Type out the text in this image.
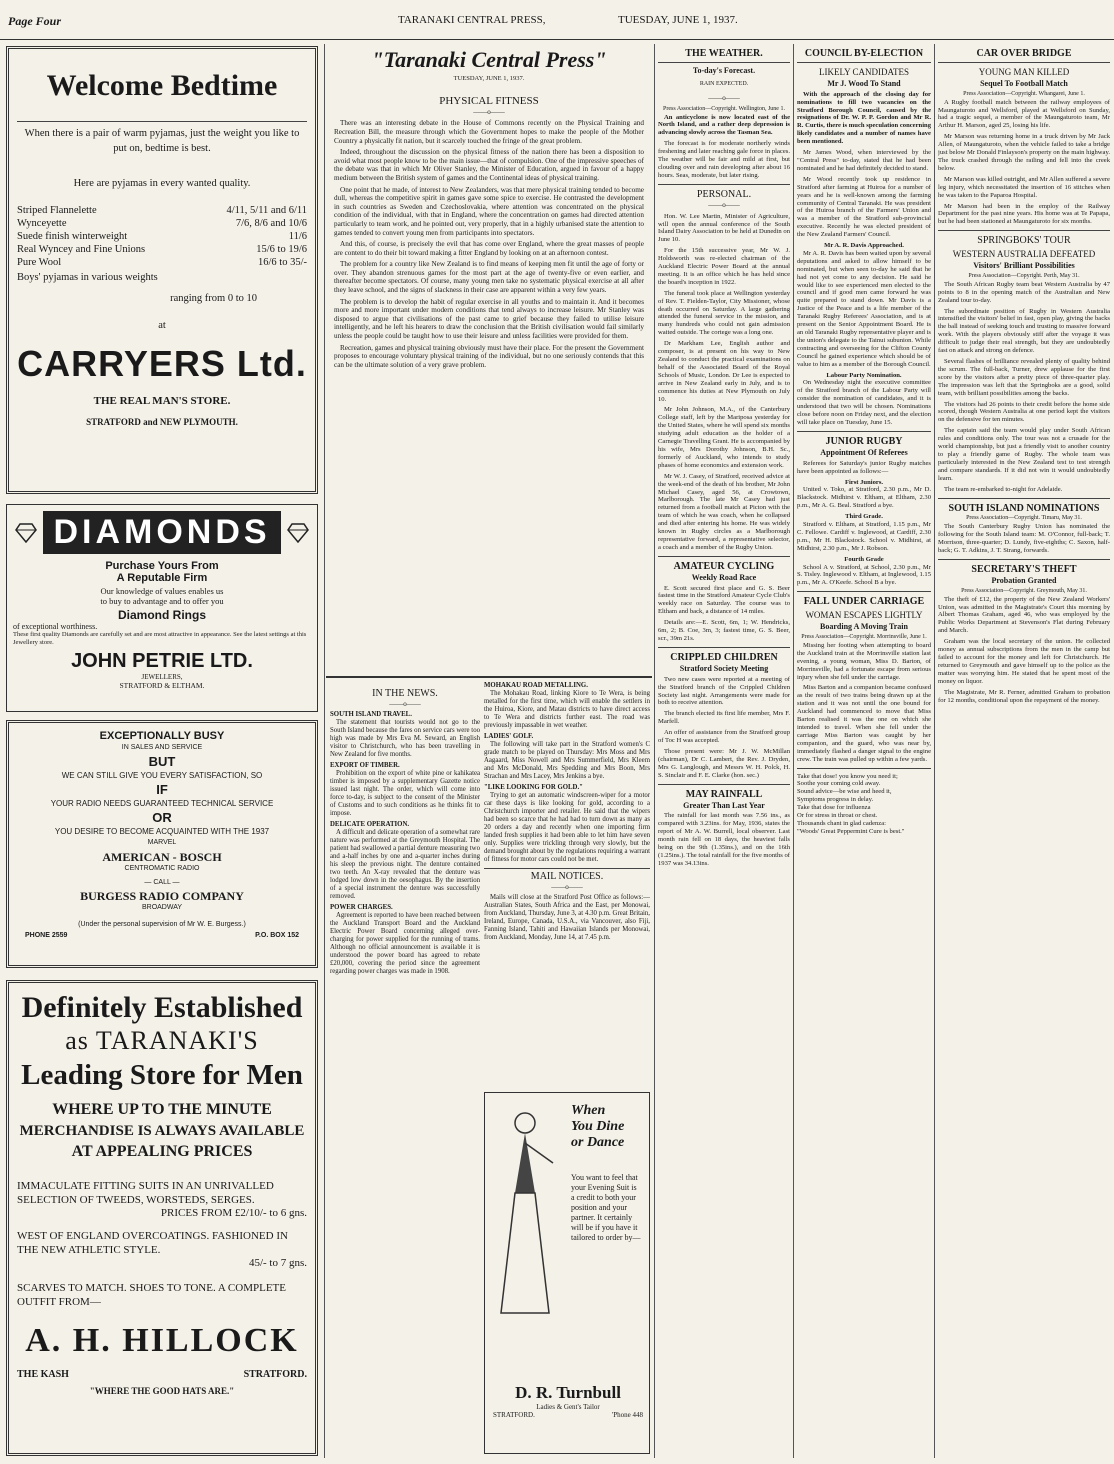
Page Four	TARANAKI CENTRAL PRESS,	TUESDAY, JUNE 1, 1937.
Welcome Bedtime
When there is a pair of warm pyjamas, just the weight you like to put on, bedtime is best.
Here are pyjamas in every wanted quality.
Striped Flannelette	4/11, 5/11 and 6/11
Wynceyette	7/6, 8/6 and 10/6
Suede finish winterweight	11/6
Real Wyncey and Fine Unions	15/6 to 19/6
Pure Wool	16/6 to 35/-
Boys' pyjamas in various weights
ranging from 0 to 10
at
CARRYERS Ltd.
THE REAL MAN'S STORE.
STRATFORD and NEW PLYMOUTH.
DIAMONDS
Purchase Yours From
A Reputable Firm
Our knowledge of values enables us
to buy to advantage and to offer you
Diamond Rings
of exceptional worthiness.
These first quality Diamonds are carefully set and are most attractive in appearance. See the latest settings at this Jewellery store.
JOHN PETRIE LTD.
JEWELLERS,
STRATFORD & ELTHAM.
EXCEPTIONALLY BUSY
IN SALES AND SERVICE
BUT
WE CAN STILL GIVE YOU EVERY SATISFACTION, SO
IF
YOUR RADIO NEEDS GUARANTEED TECHNICAL SERVICE
OR
YOU DESIRE TO BECOME ACQUAINTED WITH THE 1937
MARVEL
AMERICAN - BOSCH
CENTROMATIC RADIO
— CALL —
BURGESS RADIO COMPANY
BROADWAY
(Under the personal supervision of Mr W. E. Burgess.)
PHONE 2559	P.O. BOX 152
Definitely Established
as TARANAKI'S
Leading Store for Men
WHERE UP TO THE MINUTE
MERCHANDISE IS ALWAYS AVAILABLE
AT APPEALING PRICES
IMMACULATE FITTING SUITS IN AN UNRIVALLED SELECTION OF TWEEDS, WORSTEDS, SERGES.
PRICES FROM £2/10/- to 6 gns.
WEST OF ENGLAND OVERCOATINGS. FASHIONED IN THE NEW ATHLETIC STYLE.
45/- to 7 gns.
SCARVES TO MATCH. SHOES TO TONE. A COMPLETE OUTFIT FROM—
A. H. HILLOCK
THE KASH	STRATFORD.
"WHERE THE GOOD HATS ARE."
"Taranaki Central Press"
TUESDAY, JUNE 1, 1937.
PHYSICAL FITNESS
——o——

There was an interesting debate in the House of Commons recently on the Physical Training and Recreation Bill, the measure through which the Government hopes to make the people of the Mother Country a physically fit nation, but it scarcely touched the fringe of the great problem.

Indeed, throughout the discussion on the physical fitness of the nation there has been a disposition to avoid what most people know to be the main issue—that of compulsion. One of the impressive speeches of the debate was that in which Mr Oliver Stanley, the Minister of Education, argued in favour of a happy medium between the British system of games and the Continental ideas of physical training.

One point that he made, of interest to New Zealanders, was that mere physical training tended to become dull, whereas the competitive spirit in games gave some spice to exercise. He contrasted the development in such countries as Sweden and Czechoslovakia, where attention was concentrated on the physical condition of the individual, with that in England, where the concentration on games had directed attention particularly to team work, and he pointed out, very properly, that in a highly urbanised state the attention to games tended to convert young men from participants into spectators.

And this, of course, is precisely the evil that has come over England, where the great masses of people are content to do their bit toward making a fitter England by looking on at an afternoon contest.

The problem for a country like New Zealand is to find means of keeping men fit until the age of forty or over. They abandon strenuous games for the most part at the age of twenty-five or even earlier, and thereafter become spectators. Of course, many young men take no systematic physical exercise at all after they leave school, and the signs of slackness in their case are apparent within a very few years.

The problem is to develop the habit of regular exercise in all youths and to maintain it. And it becomes more and more important under modern conditions that tend always to increase leisure. Mr Stanley was disposed to argue that civilisations of the past came to grief because they failed to utilise leisure intelligently, and he left his hearers to draw the conclusion that the British civilisation would fail similarly unless the people could be taught how to use their leisure and unless facilities were provided for them.

Recreation, games and physical training obviously must have their place. For the present the Government proposes to encourage voluntary physical training of the individual, but no one seriously contends that this can be the ultimate solution of a very grave problem.

IN THE NEWS.
——o——
SOUTH ISLAND TRAVEL.

The statement that tourists would not go to the South Island because the fares on service cars were too high was made by Mrs Eva M. Seward, an English visitor to Christchurch, who has been travelling in New Zealand for five months.

EXPORT OF TIMBER.

Prohibition on the export of white pine or kahikatea timber is imposed by a supplementary Gazette notice issued last night. The order, which will come into force to-day, is subject to the consent of the Minister of Customs and to such conditions as he thinks fit to impose.

DELICATE OPERATION.

A difficult and delicate operation of a somewhat rare nature was performed at the Greymouth Hospital. The patient had swallowed a partial denture measuring two and a-half inches by one and a-quarter inches during his sleep the previous night. The denture contained two teeth. An X-ray revealed that the denture was lodged low down in the oesophagus. By the insertion of a special instrument the denture was successfully removed.

POWER CHARGES.

Agreement is reported to have been reached between the Auckland Transport Board and the Auckland Electric Power Board concerning alleged over-charging for power supplied for the running of trams. Although no official announcement is available it is understood the power board has agreed to rebate £20,000, covering the period since the agreement regarding power charges was made in 1908.

MOHAKAU ROAD METALLING.

The Mohakau Road, linking Kiore to Te Wera, is being metalled for the first time, which will enable the settlers in the Huiroa, Kiore, and Matau districts to have direct access to Te Wera and districts further east. The road was previously impassable in wet weather.

LADIES' GOLF.

The following will take part in the Stratford women's C grade match to be played on Thursday: Mrs Moss and Mrs Aagaard, Miss Nowell and Mrs Summerfield, Mrs Kleem and Mrs McDonald, Mrs Spedding and Mrs Boon, Mrs Strachan and Mrs Lacey, Mrs Jenkins a bye.

"LIKE LOOKING FOR GOLD."

Trying to get an automatic windscreen-wiper for a motor car these days is like looking for gold, according to a Christchurch importer and retailer. He said that the wipers had been so scarce that he had had to turn down as many as 20 orders a day and recently when one importing firm landed fresh supplies it had been able to let him have seven only. Supplies were trickling through very slowly, but the demand brought about by the regulations requiring a warrant of fitness for motor cars could not be met.

MAIL NOTICES.
——o——

Mails will close at the Stratford Post Office as follows:— Australian States, South Africa and the East, per Monowai, from Auckland, Thursday, June 3, at 4.30 p.m. Great Britain, Ireland, Europe, Canada, U.S.A., via Vancouver, also Fiji, Fanning Island, Tahiti and Hawaiian Islands per Monowai, from Auckland, Monday, June 14, at 7.45 p.m.

When
You Dine
or Dance
You want to feel that your Evening Suit is a credit to both your position and your partner. It certainly will be if you have it tailored to order by—
D. R. Turnbull
Ladies & Gent's Tailor
STRATFORD.	'Phone 448
THE WEATHER.
To-day's Forecast.
RAIN EXPECTED.
——o——
Press Association—Copyright. Wellington, June 1.

An anticyclone is now located east of the North Island, and a rather deep depression is advancing slowly across the Tasman Sea.

The forecast is for moderate northerly winds freshening and later reaching gale force in places. The weather will be fair and mild at first, but clouding over and rain developing after about 16 hours. Seas, moderate, but later rising.

PERSONAL.
——o——

Hon. W. Lee Martin, Minister of Agriculture, will open the annual conference of the South Island Dairy Association to be held at Dunedin on June 10.

For the 15th successive year, Mr W. J. Holdsworth was re-elected chairman of the Auckland Electric Power Board at the annual meeting. It is an office which he has held since the board's inception in 1922.

The funeral took place at Wellington yesterday of Rev. T. Fielden-Taylor, City Missioner, whose death occurred on Saturday. A large gathering attended the funeral service in the mission, and many hundreds who could not gain admission waited outside. The cortege was a long one.

Dr Markham Lee, English author and composer, is at present on his way to New Zealand to conduct the practical examinations on behalf of the Associated Board of the Royal Schools of Music, London. Dr Lee is expected to arrive in New Zealand early in July, and is to commence his duties at New Plymouth on July 10.

Mr John Johnson, M.A., of the Canterbury College staff, left by the Mariposa yesterday for the United States, where he will spend six months studying adult education as the holder of a Carnegie Travelling Grant. He is accompanied by his wife, Mrs Dorothy Johnson, B.H. Sc., formerly of Auckland, who intends to study phases of home economics and extension work.

Mr W. J. Casey, of Stratford, received advice at the week-end of the death of his brother, Mr John Michael Casey, aged 56, at Crowtown, Marlborough. The late Mr Casey had just returned from a football match at Picton with the team of which he was coach, when he collapsed and died after entering his home. He was widely known in Rugby circles as a Marlborough representative forward, a representative selector, a coach and a member of the Rugby Union.

AMATEUR CYCLING
Weekly Road Race

E. Scott secured first place and G. S. Beer fastest time in the Stratford Amateur Cycle Club's weekly race on Saturday. The course was to Eltham and back, a distance of 14 miles.

Details are:—E. Scott, 6m, 1; W. Hendricks, 6m, 2; B. Coe, 3m, 3; fastest time, G. S. Beer, scr., 39m 21s.

CRIPPLED CHILDREN
Stratford Society Meeting

Two new cases were reported at a meeting of the Stratford branch of the Crippled Children Society last night. Arrangements were made for both to receive attention.

The branch elected its first life member, Mrs F. Marfell.

An offer of assistance from the Stratford group of Toc H was accepted.

Those present were: Mr J. W. McMillan (chairman), Dr C. Lambert, the Rev. J. Dryden, Mrs G. Langlough, and Messrs W. H. Polck, H. S. Sinclair and F. E. Clarke (hon. sec.)

MAY RAINFALL
Greater Than Last Year

The rainfall for last month was 7.56 ins., as compared with 3.23ins. for May, 1936, states the report of Mr A. W. Burrell, local observer. Last month rain fell on 18 days, the heaviest falls being on the 9th (1.35ins.), and on the 16th (1.25ins.). The total rainfall for the five months of 1937 was 34.13ins.

COUNCIL BY-ELECTION
LIKELY CANDIDATES
Mr J. Wood To Stand

With the approach of the closing day for nominations to fill two vacancies on the Stratford Borough Council, caused by the resignations of Dr. W. P. P. Gordon and Mr R. R. Curtis, there is much speculation concerning likely candidates and a number of names have been mentioned.

Mr James Wood, when interviewed by the "Central Press" to-day, stated that he had been nominated and he had definitely decided to stand.

Mr Wood recently took up residence in Stratford after farming at Huiroa for a number of years and he is well-known among the farming community of Central Taranaki. He was president of the Huiroa branch of the Farmers' Union and was a member of the Stratford sub-provincial executive. Recently he was elected president of the New Zealand Farmers' Council.

Mr A. R. Davis Approached.

Mr A. R. Davis has been waited upon by several deputations and asked to allow himself to be nominated, but when seen to-day he said that he had not yet come to any decision. He said he would like to see experienced men elected to the council and if good men came forward he was quite prepared to stand down. Mr Davis is a Justice of the Peace and is a life member of the Taranaki Rugby Referees' Association, and is at present on the Senior Appointment Board. He is an old Taranaki Rugby representative player and is the union's delegate to the Tainui subunion. While contracting and overseeing for the Clifton County Council he gained experience which should be of value to him as a member of the Borough Council.

Labour Party Nomination.

On Wednesday night the executive committee of the Stratford branch of the Labour Party will consider the nomination of candidates, and it is understood that two will be chosen. Nominations close before noon on Friday next, and the election will take place on Tuesday, June 15.

JUNIOR RUGBY
Appointment Of Referees

Referees for Saturday's junior Rugby matches have been appointed as follows:—

First Juniors.

United v. Toko, at Stratford, 2.30 p.m., Mr D. Blackstock. Midhirst v. Eltham, at Eltham, 2.30 p.m., Mr A. G. Beal. Stratford a bye.

Third Grade.

Stratford v. Eltham, at Stratford, 1.15 p.m., Mr C. Fellowe. Cardiff v. Inglewood, at Cardiff, 2.30 p.m., Mr H. Blackstock. School v. Midhirst, at Midhirst, 2.30 p.m., Mr J. Robson.

Fourth Grade

School A v. Stratford, at School, 2.30 p.m., Mr S. Tisley. Inglewood v. Eltham, at Inglewood, 1.15 p.m., Mr A. O'Keefe. School B a bye.

FALL UNDER CARRIAGE
WOMAN ESCAPES LIGHTLY
Boarding A Moving Train
Press Association—Copyright. Morrinsville, June 1.

Missing her footing when attempting to board the Auckland train at the Morrinsville station last evening, a young woman, Miss D. Barton, of Morrinsville, had a fortunate escape from serious injury when she fell under the carriage.

Miss Barton and a companion became confused as the result of two trains being drawn up at the station and it was not until the one bound for Auckland had commenced to move that Miss Barton realised it was the one on which she intended to travel. When she fell under the carriage Miss Barton was caught by her companion, and the guard, who was near by, immediately flashed a danger signal to the engine crew. The train was pulled up within a few yards.

Take that dose! you know you need it;
Soothe your coming cold away.
Sound advice—be wise and heed it,
Symptoms progress in delay.
Take that dose for influenza
Or for stress in throat or chest.
Thousands chant in glad cadenza:
"Woods' Great Peppermint Cure is best."
CAR OVER BRIDGE
YOUNG MAN KILLED
Sequel To Football Match
Press Association—Copyright. Whangarei, June 1.

A Rugby football match between the railway employees of Maungaturoto and Wellsford, played at Wellsford on Sunday, had a tragic sequel, a member of the Maungaturoto team, Mr Arthur H. Marson, aged 25, losing his life.

Mr Marson was returning home in a truck driven by Mr Jack Allen, of Maungaturoto, when the vehicle failed to take a bridge just below Mr Donald Finlayson's property on the main highway. The truck crashed through the railing and fell into the creek below.

Mr Marson was killed outright, and Mr Allen suffered a severe leg injury, which necessitated the insertion of 16 stitches when he was taken to the Paparoa Hospital.

Mr Marson had been in the employ of the Railway Department for the past nine years. His home was at Te Papapa, but he had been stationed at Maungaturoto for six months.

SPRINGBOKS' TOUR
WESTERN AUSTRALIA DEFEATED
Visitors' Brilliant Possibilities
Press Association—Copyright. Perth, May 31.

The South African Rugby team beat Western Australia by 47 points to 8 in the opening match of the Australian and New Zealand tour to-day.

The subordinate position of Rugby in Western Australia intensified the visitors' belief in fast, open play, giving the backs the ball instead of seeking touch and trusting to massive forward work. With the players obviously stiff after the voyage it was difficult to judge their real strength, but they are undoubtedly fast on attack and strong on defence.

Several flashes of brilliance revealed plenty of quality behind the scrum. The full-back, Turner, drew applause for the first score by the visitors after a pretty piece of three-quarter play. The impression was left that the Springboks are a good, solid team, with brilliant possibilities among the backs.

The visitors had 26 points to their credit before the home side scored, though Western Australia at one period kept the visitors on the defensive for ten minutes.

The captain said the team would play under South African rules and conditions only. The tour was not a crusade for the world championship, but just a friendly visit to another country to play a friendly game of Rugby. The whole team was particularly interested in the New Zealand test to test strength and compare standards. If it did not win it would undoubtedly learn.

The team re-embarked to-night for Adelaide.

SOUTH ISLAND NOMINATIONS
Press Association—Copyright. Timaru, May 31.

The South Canterbury Rugby Union has nominated the following for the South Island team: M. O'Connor, full-back; T. Morrison, three-quarter; D. Lundy, five-eighths; C. Saxon, half-back; G. T. Adkins, J. T. Strang, forwards.

SECRETARY'S THEFT
Probation Granted
Press Association—Copyright. Greymouth, May 31.

The theft of £12, the property of the New Zealand Workers' Union, was admitted in the Magistrate's Court this morning by Albert Thomas Graham, aged 46, who was employed by the Public Works Department at Stevenson's Flat during February and March.

Graham was the local secretary of the union. He collected money as annual subscriptions from the men in the camp but failed to account for the money and left for Christchurch. He returned to Greymouth and gave himself up to the police as the matter was worrying him. He stated that he spent most of the money on liquor.

The Magistrate, Mr R. Ferner, admitted Graham to probation for 12 months, conditional upon the repayment of the money.
